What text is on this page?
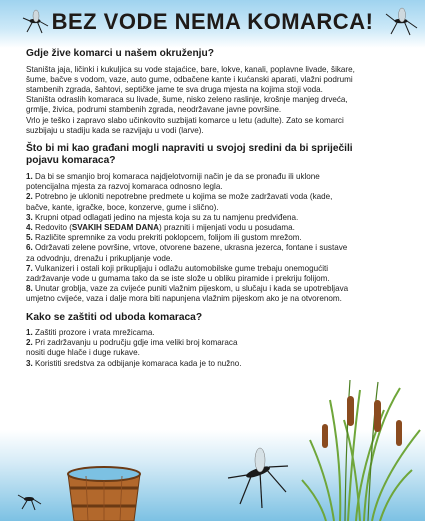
BEZ VODE NEMA KOMARCA!
Gdje žive komarci u našem okruženju?

Staništa jaja, ličinki i kukuljica su vode stajaćice, bare, lokve, kanali, poplavne livade, šikare,

šume, bačve s vodom, vaze, auto gume, odbačene kante i kućanski aparati, vlažni podrumi

stambenih zgrada, šahtovi, septičke jame te sva druga mjesta na kojima stoji voda.

Staništa odraslih komaraca su livade, šume, nisko zeleno raslinje, krošnje manjeg drveća,

grmlje, živica, podrumi stambenih zgrada, neodržavane javne površine.

Vrlo je teško i zapravo slabo učinkovito suzbijati komarce u letu (adulte). Zato se komarci

suzbijaju u stadiju kada se razvijaju u vodi (larve).

Što bi mi kao građani mogli napraviti u svojoj sredini da bi spriječili
pojavu komaraca?
1. Da bi se smanjio broj komaraca najdjelotvorniji način je da se pronađu ili uklone
potencijalna mjesta za razvoj komaraca odnosno legla.
2. Potrebno je ukloniti nepotrebne predmete u kojima se može zadržavati voda (kade,
bačve, kante, igračke, boce, konzerve, gume i slično).
3. Krupni otpad odlagati jedino na mjesta koja su za tu namjenu predviđena.
4. Redovito (SVAKIH SEDAM DANA) prazniti i mijenjati vodu u posudama.
5. Različite spremnike za vodu prekriti poklopcem, folijom ili gustom mrežom.
6. Održavati zelene površine, vrtove, otvorene bazene, ukrasna jezerca, fontane i sustave
za odvodnju, drenažu i prikupljanje vode.
7. Vulkanizeri i ostali koji prikupljaju i odlažu automobilske gume trebaju onemogućiti
zadržavanje vode u gumama tako da se iste slože u obliku piramide i prekriju folijom.
8. Unutar groblja, vaze za cvijeće puniti vlažnim pijeskom, u slučaju i kada se upotrebljava
umjetno cvijeće, vaza i dalje mora biti napunjena vlažnim pijeskom ako je na otvorenom.
Kako se zaštiti od uboda komaraca?
1. Zaštiti prozore i vrata mrežicama.
2. Pri zadržavanju u području gdje ima veliki broj komaraca
nositi duge hlače i duge rukave.
3. Koristiti sredstva za odbijanje komaraca kada je to nužno.
